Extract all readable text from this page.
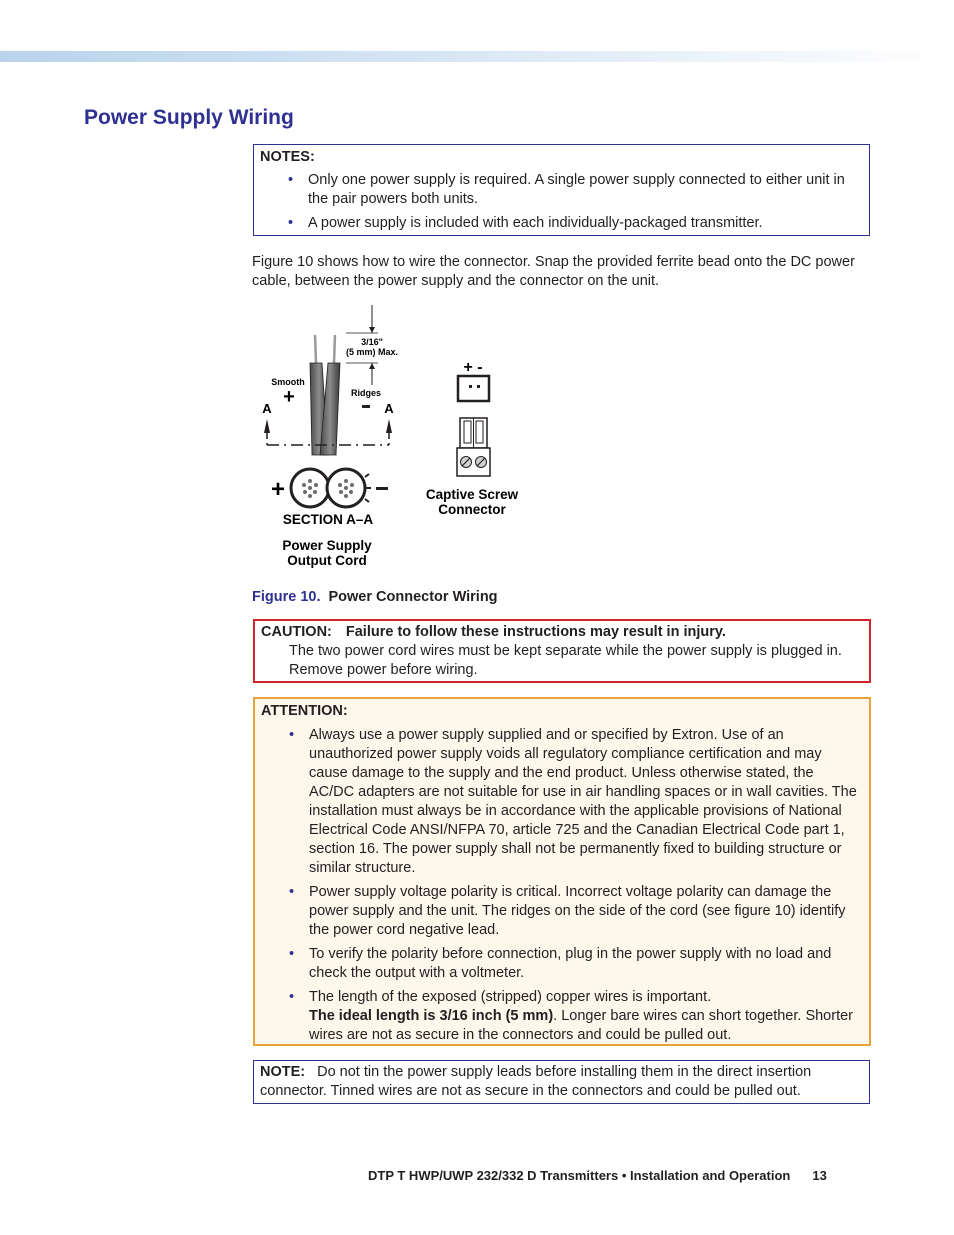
Power Supply Wiring
NOTES:
• Only one power supply is required. A single power supply connected to either unit in the pair powers both units.
• A power supply is included with each individually-packaged transmitter.

Figure 10 shows how to wire the connector. Snap the provided ferrite bead onto the DC power cable, between the power supply and the connector on the unit.

3/16"
(5 mm) Max.
Smooth
Ridges
+
A	A
+
SECTION A–A
Power Supply
Output Cord
+ -
Captive Screw
Connector
Figure 10. Power Connector Wiring
CAUTION: Failure to follow these instructions may result in injury.
The two power cord wires must be kept separate while the power supply is plugged in. Remove power before wiring.
ATTENTION:
• Always use a power supply supplied and or specified by Extron. Use of an unauthorized power supply voids all regulatory compliance certification and may cause damage to the supply and the end product. Unless otherwise stated, the AC/DC adapters are not suitable for use in air handling spaces or in wall cavities. The installation must always be in accordance with the applicable provisions of National Electrical Code ANSI/NFPA 70, article 725 and the Canadian Electrical Code part 1, section 16. The power supply shall not be permanently fixed to building structure or similar structure.
• Power supply voltage polarity is critical. Incorrect voltage polarity can damage the power supply and the unit. The ridges on the side of the cord (see figure 10) identify the power cord negative lead.
• To verify the polarity before connection, plug in the power supply with no load and check the output with a voltmeter.
• The length of the exposed (stripped) copper wires is important.
The ideal length is 3/16 inch (5 mm). Longer bare wires can short together. Shorter wires are not as secure in the connectors and could be pulled out.
NOTE: Do not tin the power supply leads before installing them in the direct insertion connector. Tinned wires are not as secure in the connectors and could be pulled out.
DTP T HWP/UWP 232/332 D Transmitters • Installation and Operation 13
